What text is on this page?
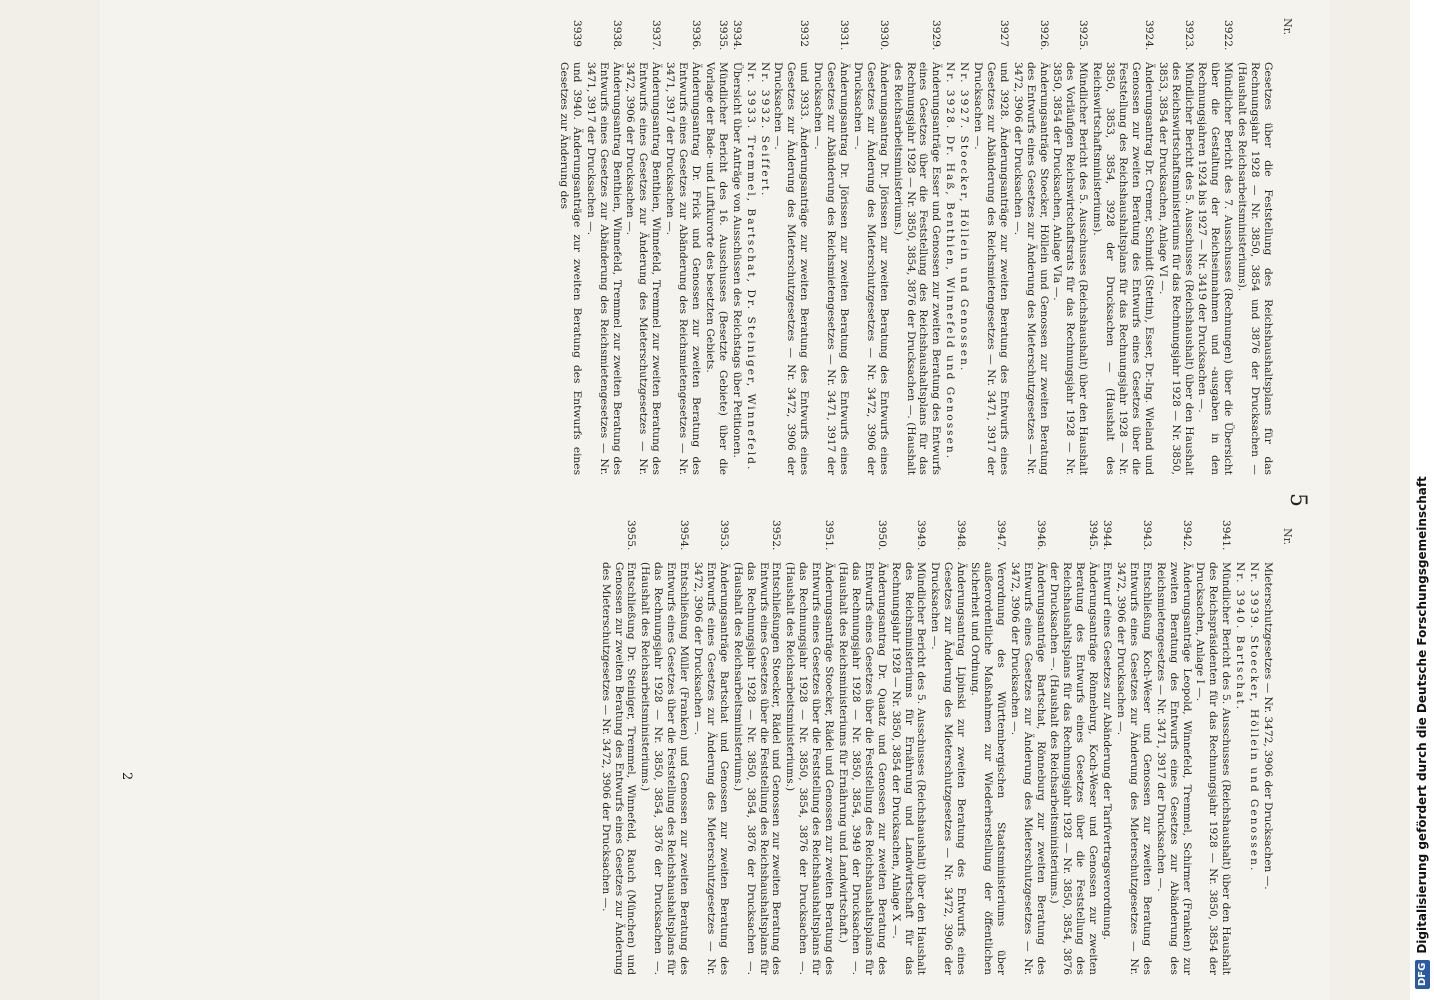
5
Nr.
Nr.
Gesetzes über die Feststellung des Reichshaushaltsplans für das Rechnungsjahr 1928 — Nr. 3850, 3854 und 3876 der Drucksachen — (Haushalt des Reichsarbeitsministeriums).
3922.
Mündlicher Bericht des 7. Ausschusses (Rechnungen) über die Übersicht über die Gestaltung der Reichseinnahmen und -ausgaben in den Rechnungsjahren 1924 bis 1927 — Nr. 3419 der Drucksachen —.
3923.
Mündlicher Bericht des 5. Ausschusses (Reichshaushalt) über den Haushalt des Reichswirtschaftsministeriums für das Rechnungsjahr 1928 — Nr. 3850, 3853, 3854 der Drucksachen, Anlage VI —.
3924.
Änderungsantrag Dr. Cremer, Schmidt (Stettin), Esser, Dr.-Ing. Wieland und Genossen zur zweiten Beratung des Entwurfs eines Gesetzes über die Feststellung des Reichshaushaltsplans für das Rechnungsjahr 1928 — Nr. 3850, 3853, 3854, 3928 der Drucksachen — (Haushalt des Reichswirtschaftsministeriums).
3925.
Mündlicher Bericht des 5. Ausschusses (Reichshaushalt) über den Haushalt des Vorläufigen Reichswirtschaftsrats für das Rechnungsjahr 1928 — Nr. 3850, 3854 der Drucksachen, Anlage VIa —.
3926.
Änderungsanträge Stoecker, Höllein und Genossen zur zweiten Beratung des Entwurfs eines Gesetzes zur Änderung des Mieterschutzgesetzes — Nr. 3472, 3906 der Drucksachen —.
3927
und 3928. Änderungsanträge zur zweiten Beratung des Entwurfs eines Gesetzes zur Abänderung des Reichsmietengesetzes — Nr. 3471, 3917 der Drucksachen —.
Nr. 3927. Stoecker, Höllein und Genossen.
Nr. 3928. Dr. Haß, Benthien, Winnefeld und Genossen.
3929.
Änderungsanträge Esser und Genossen zur zweiten Beratung des Entwurfs eines Gesetzes über die Feststellung des Reichshaushaltsplans für das Rechnungsjahr 1928 — Nr. 3850, 3854, 3876 der Drucksachen —. (Haushalt des Reichsarbeitsministeriums.)
3930.
Änderungsantrag Dr. Jörissen zur zweiten Beratung des Entwurfs eines Gesetzes zur Änderung des Mieterschutzgesetzes — Nr. 3472, 3906 der Drucksachen —.
3931.
Änderungsantrag Dr. Jörissen zur zweiten Beratung des Entwurfs eines Gesetzes zur Abänderung des Reichsmietengesetzes — Nr. 3471, 3917 der Drucksachen —.
3932
und 3933. Änderungsanträge zur zweiten Beratung des Entwurfs eines Gesetzes zur Änderung des Mieterschutzgesetzes — Nr. 3472, 3906 der Drucksachen —.
Nr. 3932. Seiffert.
Nr. 3933. Tremmel, Bartschat, Dr. Steiniger, Winnefeld.
3934.
Übersicht über Anträge von Ausschüssen des Reichstags über Petitionen.
3935.
Mündlicher Bericht des 16. Ausschusses (Besetzte Gebiete) über die Vorlage der Bade- und Luftkurorte des besetzten Gebiets.
3936.
Änderungsantrag Dr. Frick und Genossen zur zweiten Beratung des Entwurfs eines Gesetzes zur Abänderung des Reichsmietengesetzes — Nr. 3471, 3917 der Drucksachen —.
3937.
Änderungsantrag Benthien, Winnefeld, Tremmel zur zweiten Beratung des Entwurfs eines Gesetzes zur Änderung des Mieterschutzgesetzes — Nr. 3472, 3906 der Drucksachen —.
3938.
Änderungsantrag Benthien, Winnefeld, Tremmel zur zweiten Beratung des Entwurfs eines Gesetzes zur Abänderung des Reichsmietengesetzes — Nr. 3471, 3917 der Drucksachen —.
3939
und 3940. Änderungsanträge zur zweiten Beratung des Entwurfs eines Gesetzes zur Änderung des
Mieterschutzgesetzes — Nr. 3472, 3906 der Drucksachen —.
Nr. 3939. Stoecker, Höllein und Genossen.
Nr. 3940. Bartschat.
3941.
Mündlicher Bericht des 5. Ausschusses (Reichshaushalt) über den Haushalt des Reichspräsidenten für das Rechnungsjahr 1928 — Nr. 3850, 3854 der Drucksachen, Anlage I —.
3942.
Änderungsanträge Leopold, Winnefeld, Tremmel, Schirmer (Franken) zur zweiten Beratung des Entwurfs eines Gesetzes zur Abänderung des Reichsmietengesetzes — Nr. 3471, 3917 der Drucksachen —.
3943.
Entschließung Koch-Weser und Genossen zur zweiten Beratung des Entwurfs eines Gesetzes zur Änderung des Mieterschutzgesetzes — Nr. 3472, 3906 der Drucksachen —.
3944.
Entwurf eines Gesetzes zur Abänderung der Tarifvertragsverordnung.
3945.
Änderungsanträge Rönneburg, Koch-Weser und Genossen zur zweiten Beratung des Entwurfs eines Gesetzes über die Feststellung des Reichshaushaltsplans für das Rechnungsjahr 1928 — Nr. 3850, 3854, 3876 der Drucksachen —. (Haushalt des Reichsarbeitsministeriums.)
3946.
Änderungsanträge Bartschat, Rönneburg zur zweiten Beratung des Entwurfs eines Gesetzes zur Änderung des Mieterschutzgesetzes — Nr. 3472, 3906 der Drucksachen —.
3947.
Verordnung des Württembergischen Staatsministeriums über außerordentliche Maßnahmen zur Wiederherstellung der öffentlichen Sicherheit und Ordnung.
3948.
Änderungsantrag Lipinski zur zweiten Beratung des Entwurfs eines Gesetzes zur Änderung des Mieterschutzgesetzes — Nr. 3472, 3906 der Drucksachen —.
3949.
Mündlicher Bericht des 5. Ausschusses (Reichshaushalt) über den Haushalt des Reichsministeriums für Ernährung und Landwirtschaft für das Rechnungsjahr 1928 — Nr. 3850, 3854 der Drucksachen, Anlage X —.
3950.
Änderungsantrag Dr. Quaatz und Genossen zur zweiten Beratung des Entwurfs eines Gesetzes über die Feststellung des Reichshaushaltsplans für das Rechnungsjahr 1928 — Nr. 3850, 3854, 3949 der Drucksachen —. (Haushalt des Reichsministeriums für Ernährung und Landwirtschaft.)
3951.
Änderungsanträge Stoecker, Rädel und Genossen zur zweiten Beratung des Entwurfs eines Gesetzes über die Feststellung des Reichshaushaltsplans für das Rechnungsjahr 1928 — Nr. 3850, 3854, 3876 der Drucksachen —. (Haushalt des Reichsarbeitsministeriums.)
3952.
Entschließungen Stoecker, Rädel und Genossen zur zweiten Beratung des Entwurfs eines Gesetzes über die Feststellung des Reichshaushaltsplans für das Rechnungsjahr 1928 — Nr. 3850, 3854, 3876 der Drucksachen —. (Haushalt des Reichsarbeitsministeriums.)
3953.
Änderungsanträge Bartschat und Genossen zur zweiten Beratung des Entwurfs eines Gesetzes zur Änderung des Mieterschutzgesetzes — Nr. 3472, 3906 der Drucksachen —.
3954.
Entschließung Müller (Franken) und Genossen zur zweiten Beratung des Entwurfs eines Gesetzes über die Feststellung des Reichshaushaltsplans für das Rechnungsjahr 1928 — Nr. 3850, 3854, 3876 der Drucksachen —. (Haushalt des Reichsarbeitsministeriums.)
3955.
Entschließung Dr. Steiniger, Tremmel, Winnefeld, Rauch (München) und Genossen zur zweiten Beratung des Entwurfs eines Gesetzes zur Änderung des Mieterschutzgesetzes — Nr. 3472, 3906 der Drucksachen —.
2
DFG
Digitalisierung gefördert durch die Deutsche Forschungsgemeinschaft
